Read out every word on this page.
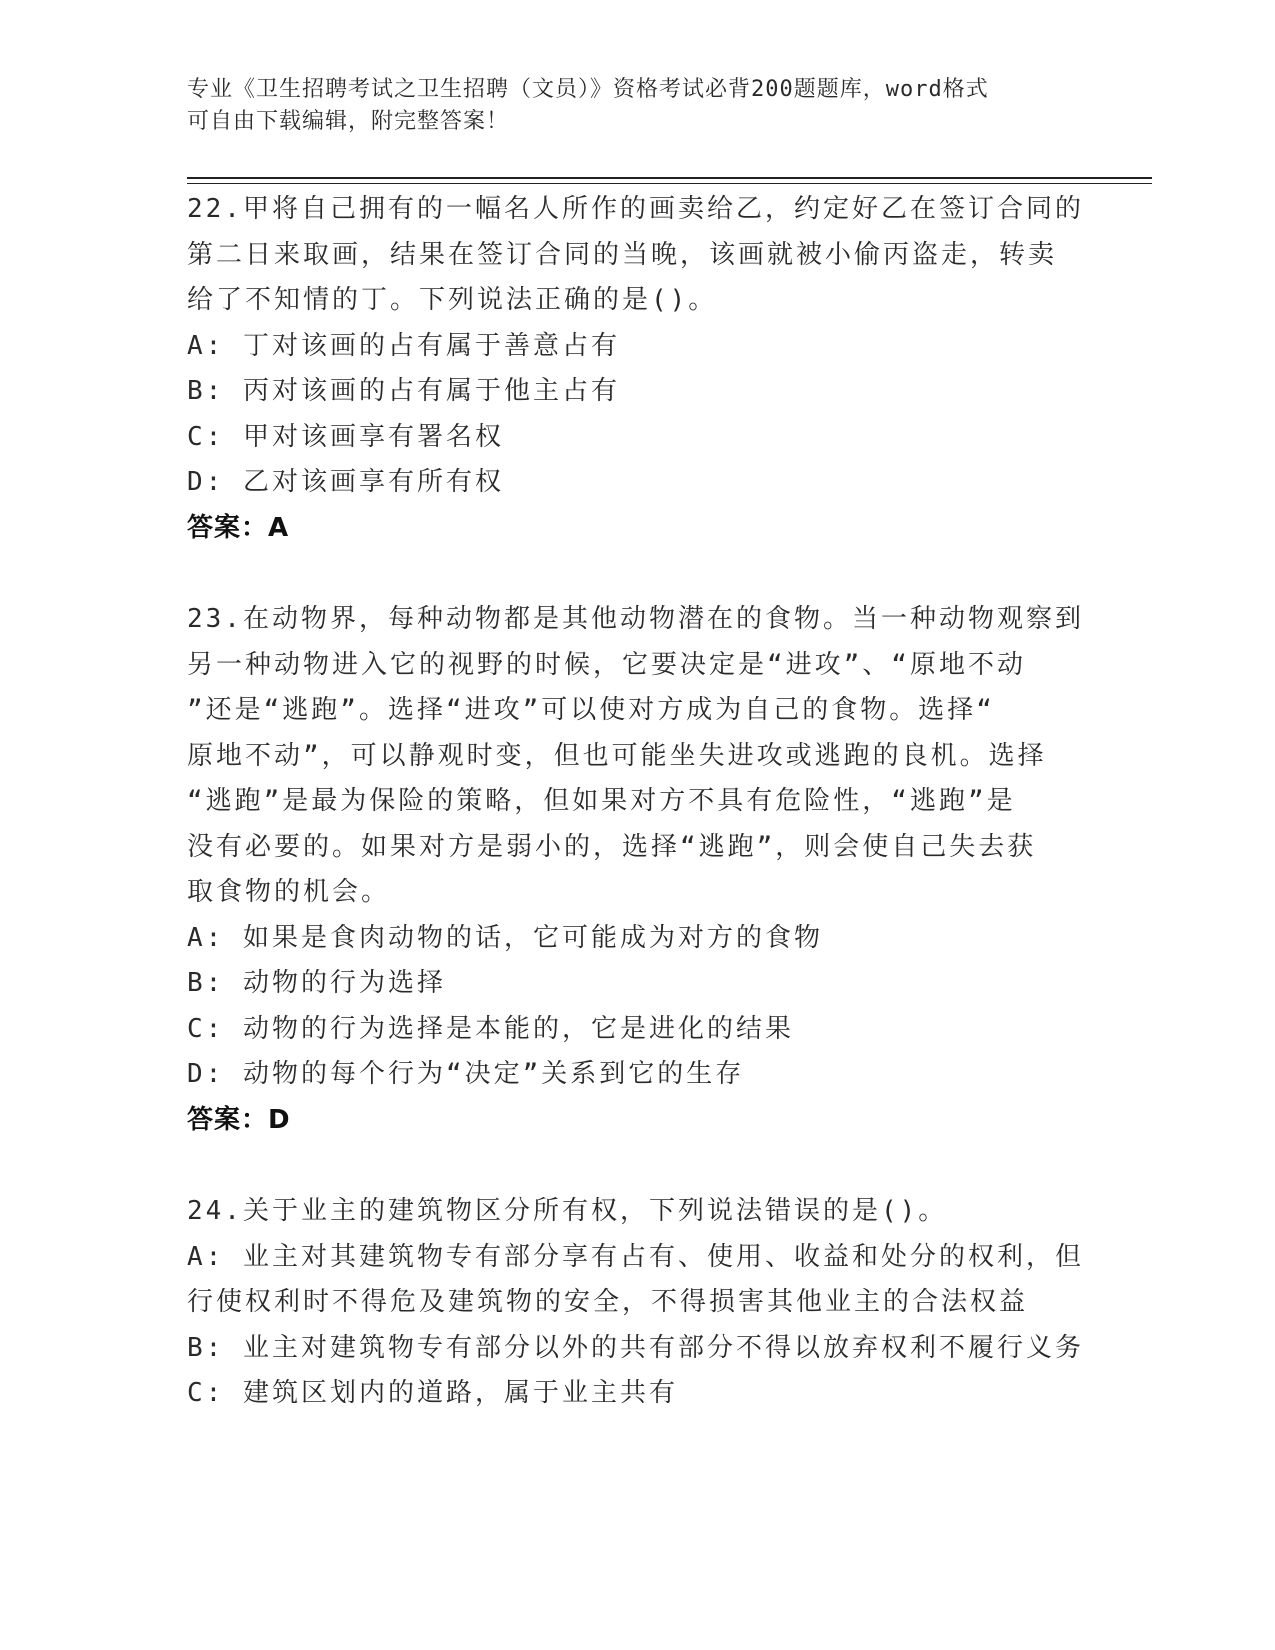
专业《卫生招聘考试之卫生招聘（文员）》资格考试必背200题题库，word格式
可自由下载编辑，附完整答案！
22.甲将自己拥有的一幅名人所作的画卖给乙，约定好乙在签订合同的
第二日来取画，结果在签订合同的当晚，该画就被小偷丙盗走，转卖
给了不知情的丁。下列说法正确的是()。
A: 丁对该画的占有属于善意占有
B: 丙对该画的占有属于他主占有
C: 甲对该画享有署名权
D: 乙对该画享有所有权
答案：A
23.在动物界，每种动物都是其他动物潜在的食物。当一种动物观察到
另一种动物进入它的视野的时候，它要决定是“进攻”、“原地不动
”还是“逃跑”。选择“进攻”可以使对方成为自己的食物。选择“
原地不动”，可以静观时变，但也可能坐失进攻或逃跑的良机。选择
“逃跑”是最为保险的策略，但如果对方不具有危险性，“逃跑”是
没有必要的。如果对方是弱小的，选择“逃跑”，则会使自己失去获
取食物的机会。
A: 如果是食肉动物的话，它可能成为对方的食物
B: 动物的行为选择
C: 动物的行为选择是本能的，它是进化的结果
D: 动物的每个行为“决定”关系到它的生存
答案：D
24.关于业主的建筑物区分所有权，下列说法错误的是()。
A: 业主对其建筑物专有部分享有占有、使用、收益和处分的权利，但
行使权利时不得危及建筑物的安全，不得损害其他业主的合法权益
B: 业主对建筑物专有部分以外的共有部分不得以放弃权利不履行义务
C: 建筑区划内的道路，属于业主共有
